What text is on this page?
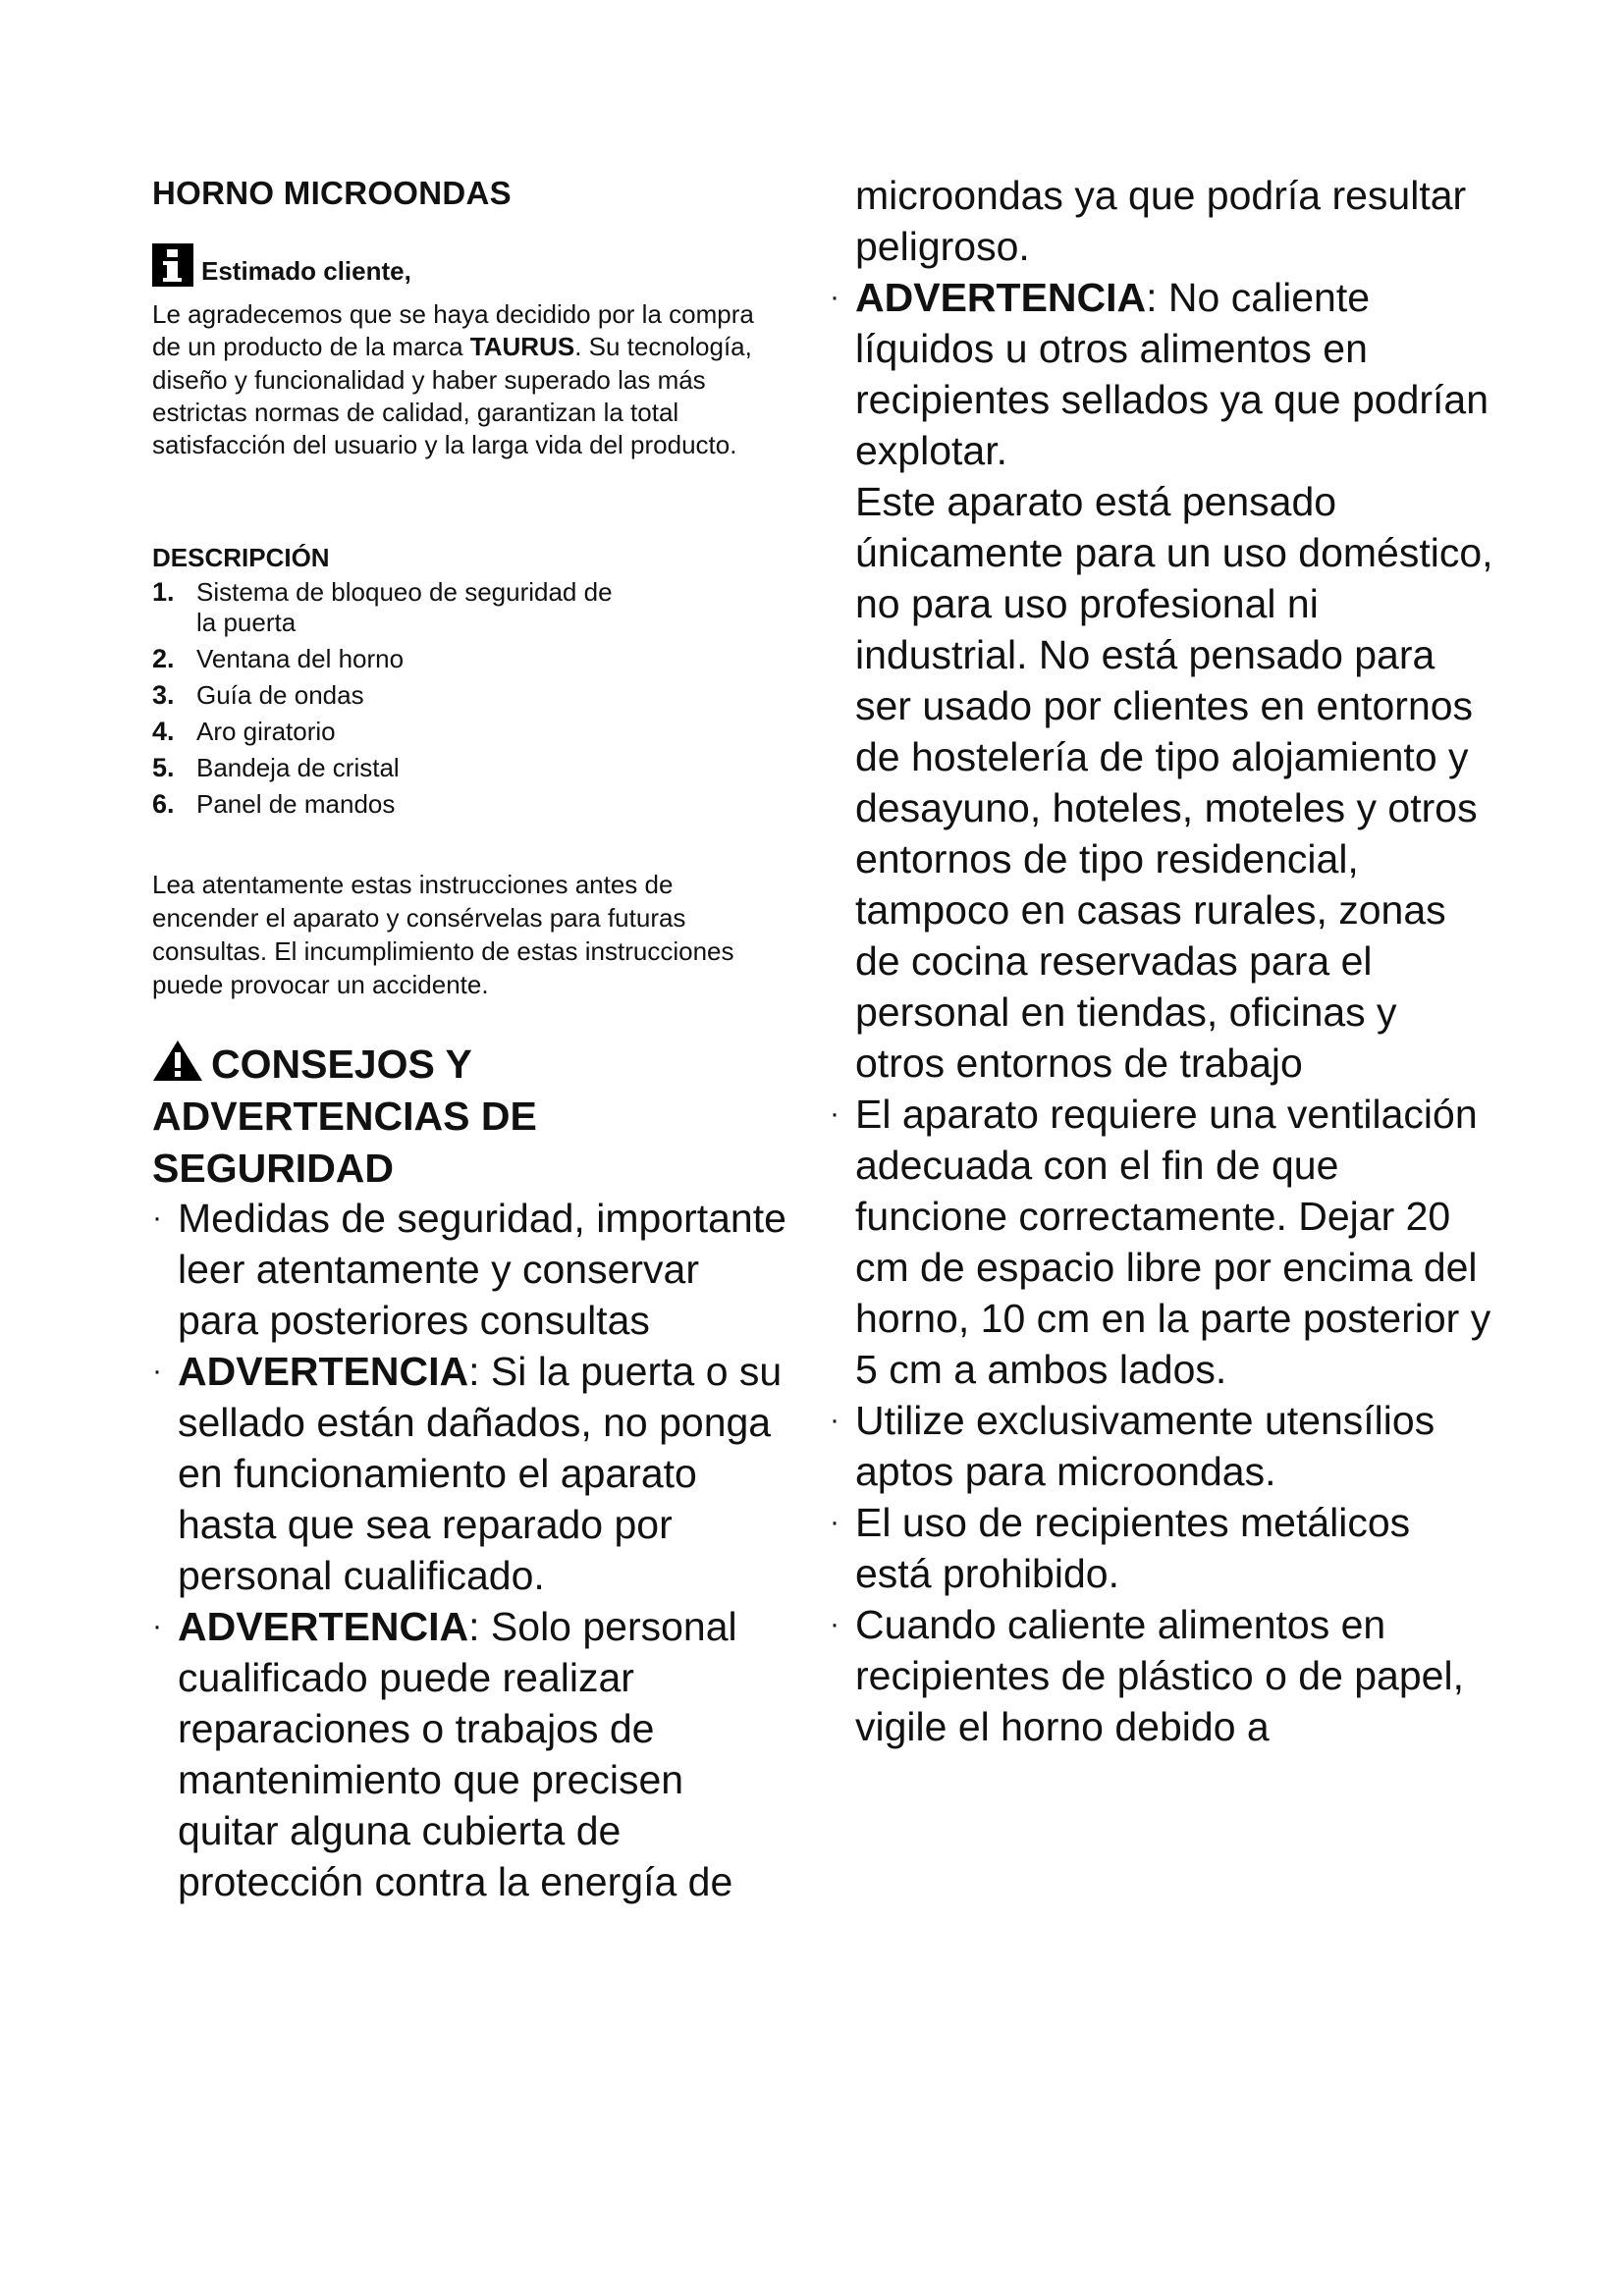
HORNO MICROONDAS
Estimado cliente,

Le agradecemos que se haya decidido por la compra de un producto de la marca TAURUS. Su tecnología, diseño y funcionalidad y haber superado las más estrictas normas de calidad, garantizan la total satisfacción del usuario y la larga vida del producto.

DESCRIPCIÓN
1. Sistema de bloqueo de seguridad de la puerta
2. Ventana del horno
3. Guía de ondas
4. Aro giratorio
5. Bandeja de cristal
6. Panel de mandos

Lea atentamente estas instrucciones antes de encender el aparato y consérvelas para futuras consultas. El incumplimiento de estas instrucciones puede provocar un accidente.

CONSEJOS Y ADVERTENCIAS DE SEGURIDAD
· Medidas de seguridad, importante leer atentamente y conservar para posteriores consultas
· ADVERTENCIA: Si la puerta o su sellado están dañados, no ponga en funcionamiento el aparato hasta que sea reparado por personal cualificado.
· ADVERTENCIA: Solo personal cualificado puede realizar reparaciones o trabajos de mantenimiento que precisen quitar alguna cubierta de protección contra la energía de
microondas ya que podría resultar peligroso.
· ADVERTENCIA: No caliente líquidos u otros alimentos en recipientes sellados ya que podrían explotar.
Este aparato está pensado únicamente para un uso doméstico, no para uso profesional ni industrial. No está pensado para ser usado por clientes en entornos de hostelería de tipo alojamiento y desayuno, hoteles, moteles y otros entornos de tipo residencial, tampoco en casas rurales, zonas de cocina reservadas para el personal en tiendas, oficinas y otros entornos de trabajo
· El aparato requiere una ventilación adecuada con el fin de que funcione correctamente. Dejar 20 cm de espacio libre por encima del horno, 10 cm en la parte posterior y 5 cm a ambos lados.
· Utilize exclusivamente utensílios aptos para microondas.
· El uso de recipientes metálicos está prohibido.
· Cuando caliente alimentos en recipientes de plástico o de papel, vigile el horno debido a
